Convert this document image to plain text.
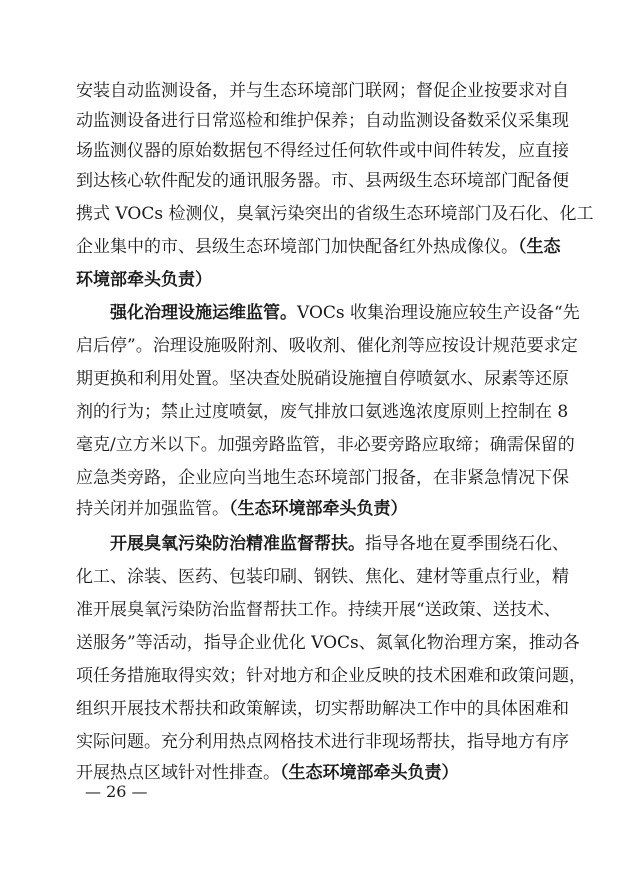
安装自动监测设备，并与生态环境部门联网；督促企业按要求对自
动监测设备进行日常巡检和维护保养；自动监测设备数采仪采集现
场监测仪器的原始数据包不得经过任何软件或中间件转发，应直接
到达核心软件配发的通讯服务器。市、县两级生态环境部门配备便
携式 VOCs 检测仪，臭氧污染突出的省级生态环境部门及石化、化工
企业集中的市、县级生态环境部门加快配备红外热成像仪。（生态
环境部牵头负责）
强化治理设施运维监管。VOCs 收集治理设施应较生产设备“先
启后停”。治理设施吸附剂、吸收剂、催化剂等应按设计规范要求定
期更换和利用处置。坚决查处脱硝设施擅自停喷氨水、尿素等还原
剂的行为；禁止过度喷氨，废气排放口氨逃逸浓度原则上控制在 8
毫克/立方米以下。加强旁路监管，非必要旁路应取缔；确需保留的
应急类旁路，企业应向当地生态环境部门报备，在非紧急情况下保
持关闭并加强监管。（生态环境部牵头负责）
开展臭氧污染防治精准监督帮扶。指导各地在夏季围绕石化、
化工、涂装、医药、包装印刷、钢铁、焦化、建材等重点行业，精
准开展臭氧污染防治监督帮扶工作。持续开展“送政策、送技术、
送服务”等活动，指导企业优化 VOCs、氮氧化物治理方案，推动各
项任务措施取得实效；针对地方和企业反映的技术困难和政策问题，
组织开展技术帮扶和政策解读，切实帮助解决工作中的具体困难和
实际问题。充分利用热点网格技术进行非现场帮扶，指导地方有序
开展热点区域针对性排查。（生态环境部牵头负责）
— 26 —
